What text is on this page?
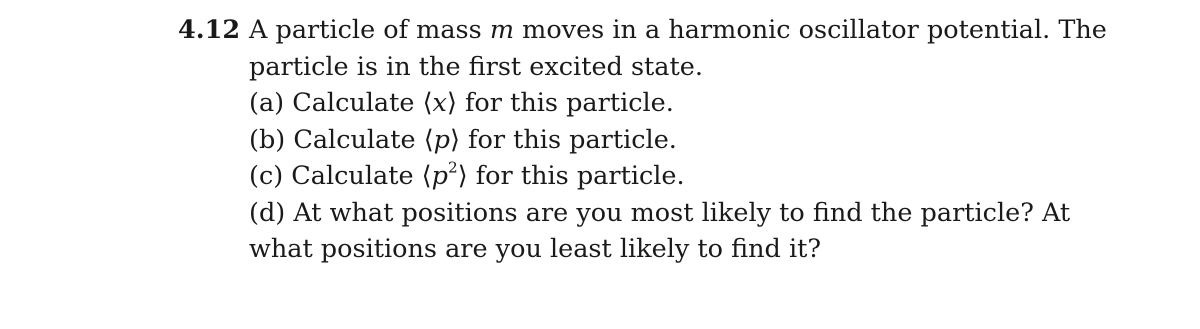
4.12 A particle of mass m moves in a harmonic oscillator potential. The
particle is in the first excited state.
(a) Calculate ⟨x⟩ for this particle.
(b) Calculate ⟨p⟩ for this particle.
(c) Calculate $⟨p^2⟩$ for this particle.
(d) At what positions are you most likely to find the particle? At
what positions are you least likely to find it?
